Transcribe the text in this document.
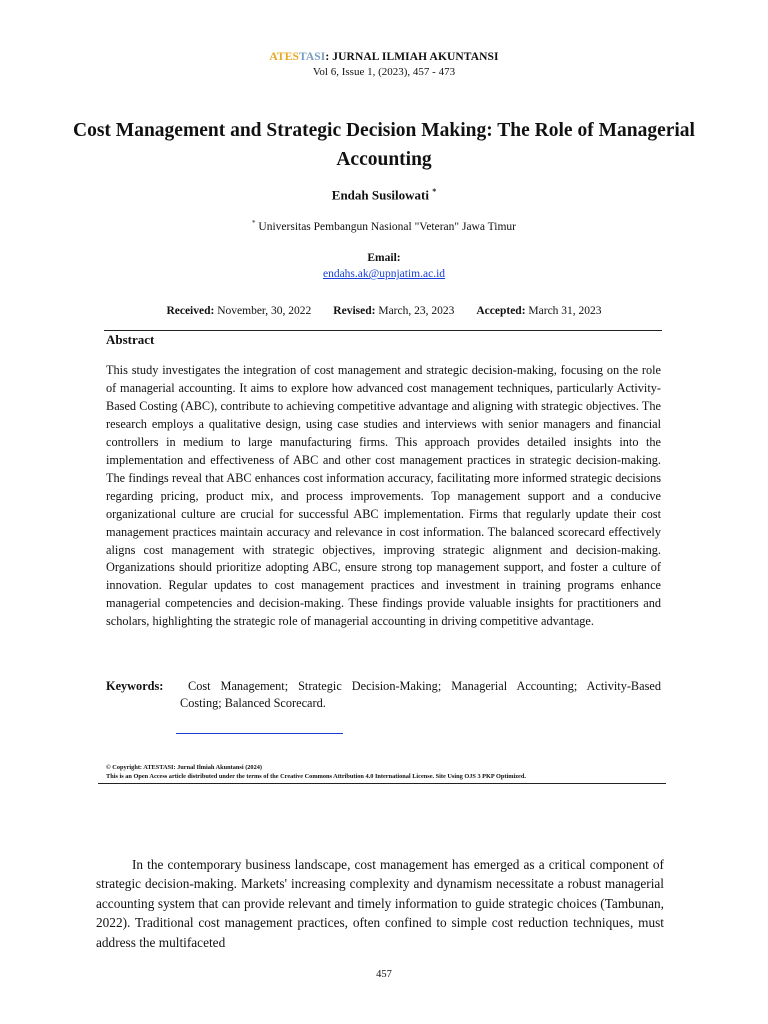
ATESTASI: JURNAL ILMIAH AKUNTANSI
Vol 6, Issue 1, (2023), 457 - 473
Cost Management and Strategic Decision Making: The Role of Managerial Accounting
Endah Susilowati *
* Universitas Pembangun Nasional "Veteran" Jawa Timur
Email:
endahs.ak@upnjatim.ac.id
Received: November, 30, 2022 Revised: March, 23, 2023 Accepted: March 31, 2023
Abstract
This study investigates the integration of cost management and strategic decision-making, focusing on the role of managerial accounting. It aims to explore how advanced cost management techniques, particularly Activity-Based Costing (ABC), contribute to achieving competitive advantage and aligning with strategic objectives. The research employs a qualitative design, using case studies and interviews with senior managers and financial controllers in medium to large manufacturing firms. This approach provides detailed insights into the implementation and effectiveness of ABC and other cost management practices in strategic decision-making. The findings reveal that ABC enhances cost information accuracy, facilitating more informed strategic decisions regarding pricing, product mix, and process improvements. Top management support and a conducive organizational culture are crucial for successful ABC implementation. Firms that regularly update their cost management practices maintain accuracy and relevance in cost information. The balanced scorecard effectively aligns cost management with strategic objectives, improving strategic alignment and decision-making. Organizations should prioritize adopting ABC, ensure strong top management support, and foster a culture of innovation. Regular updates to cost management practices and investment in training programs enhance managerial competencies and decision-making. These findings provide valuable insights for practitioners and scholars, highlighting the strategic role of managerial accounting in driving competitive advantage.
Keywords:	Cost Management; Strategic Decision-Making; Managerial Accounting; Activity-Based Costing; Balanced Scorecard.
© Copyright: ATESTASI: Jurnal Ilmiah Akuntansi (2024)
This is an Open Access article distributed under the terms of the Creative Commons Attribution 4.0 International License. Site Using OJS 3 PKP Optimized.
In the contemporary business landscape, cost management has emerged as a critical component of strategic decision-making. Markets' increasing complexity and dynamism necessitate a robust managerial accounting system that can provide relevant and timely information to guide strategic choices (Tambunan, 2022). Traditional cost management practices, often confined to simple cost reduction techniques, must address the multifaceted
457
